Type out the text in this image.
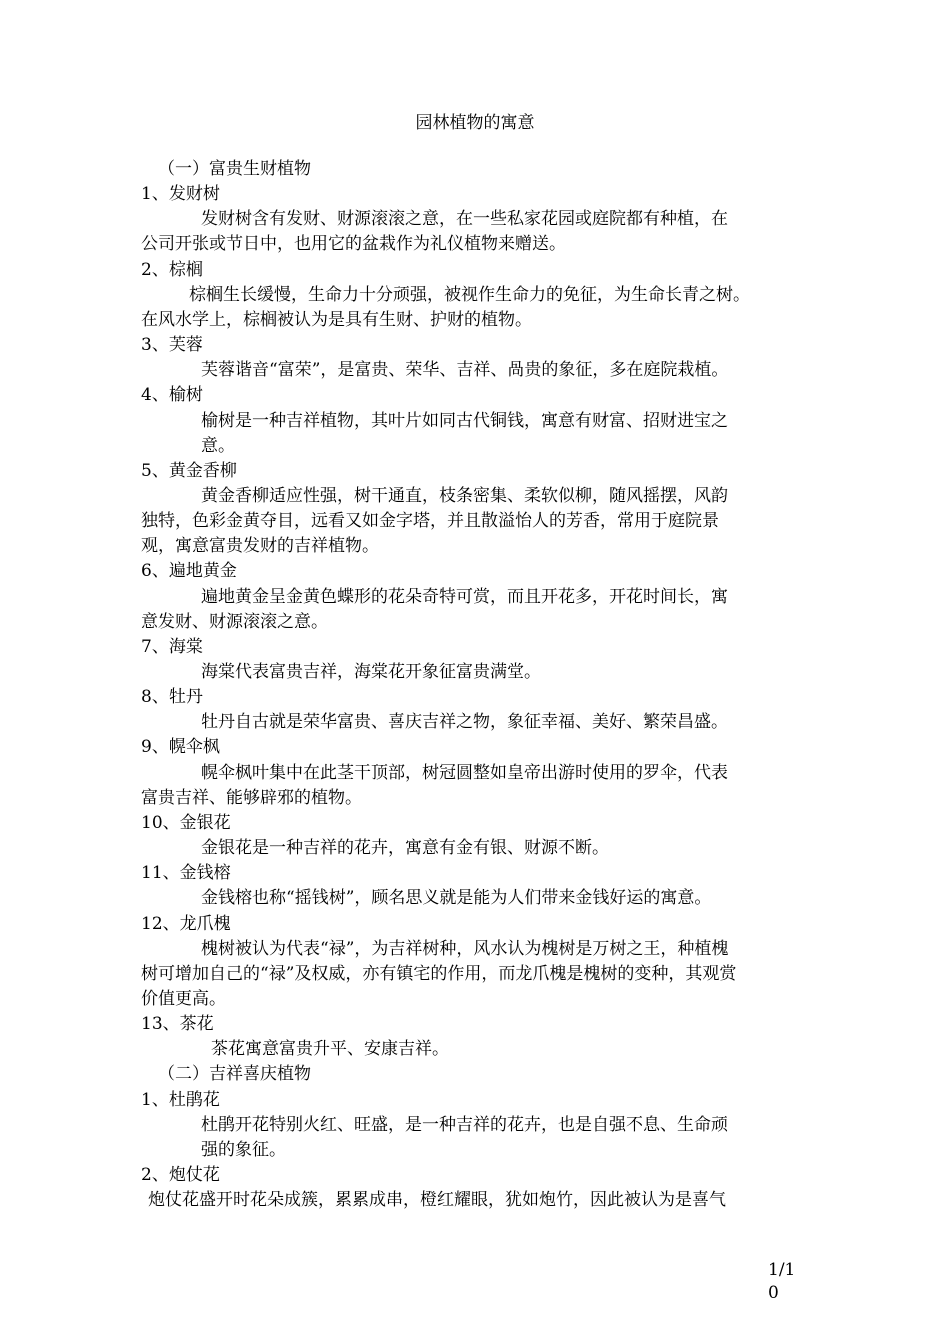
园林植物的寓意
（一）富贵生财植物
1、发财树
发财树含有发财、财源滚滚之意，在一些私家花园或庭院都有种植，在
公司开张或节日中，也用它的盆栽作为礼仪植物来赠送。
2、棕榈
棕榈生长缓慢，生命力十分顽强，被视作生命力的免征，为生命长青之树。
在风水学上，棕榈被认为是具有生财、护财的植物。
3、芙蓉
芙蓉谐音“富荣”，是富贵、荣华、吉祥、咼贵的象征，多在庭院栽植。
4、榆树
榆树是一种吉祥植物，其叶片如同古代铜钱，寓意有财富、招财进宝之
意。
5、黄金香柳
黄金香柳适应性强，树干通直，枝条密集、柔软似柳，随风摇摆，风韵
独特，色彩金黄夺目，远看又如金字塔，并且散溢怡人的芳香，常用于庭院景
观，寓意富贵发财的吉祥植物。
6、遍地黄金
遍地黄金呈金黄色蝶形的花朵奇特可赏，而且开花多，开花时间长，寓
意发财、财源滚滚之意。
7、海棠
海棠代表富贵吉祥，海棠花开象征富贵满堂。
8、牡丹
牡丹自古就是荣华富贵、喜庆吉祥之物，象征幸福、美好、繁荣昌盛。
9、幌伞枫
幌伞枫叶集中在此茎干顶部，树冠圆整如皇帝出游时使用的罗伞，代表
富贵吉祥、能够辟邪的植物。
10、金银花
金银花是一种吉祥的花卉，寓意有金有银、财源不断。
11、金钱榕
金钱榕也称“摇钱树”，顾名思义就是能为人们带来金钱好运的寓意。
12、龙爪槐
槐树被认为代表“禄”，为吉祥树种，风水认为槐树是万树之王，种植槐
树可增加自己的“禄”及权威，亦有镇宅的作用，而龙爪槐是槐树的变种，其观赏
价值更高。
13、茶花
茶花寓意富贵升平、安康吉祥。
（二）吉祥喜庆植物
1、杜鹃花
杜鹃开花特别火红、旺盛，是一种吉祥的花卉，也是自强不息、生命顽
强的象征。
2、炮仗花
炮仗花盛开时花朵成簇，累累成串，橙红耀眼，犹如炮竹，因此被认为是喜气
1/1
0
